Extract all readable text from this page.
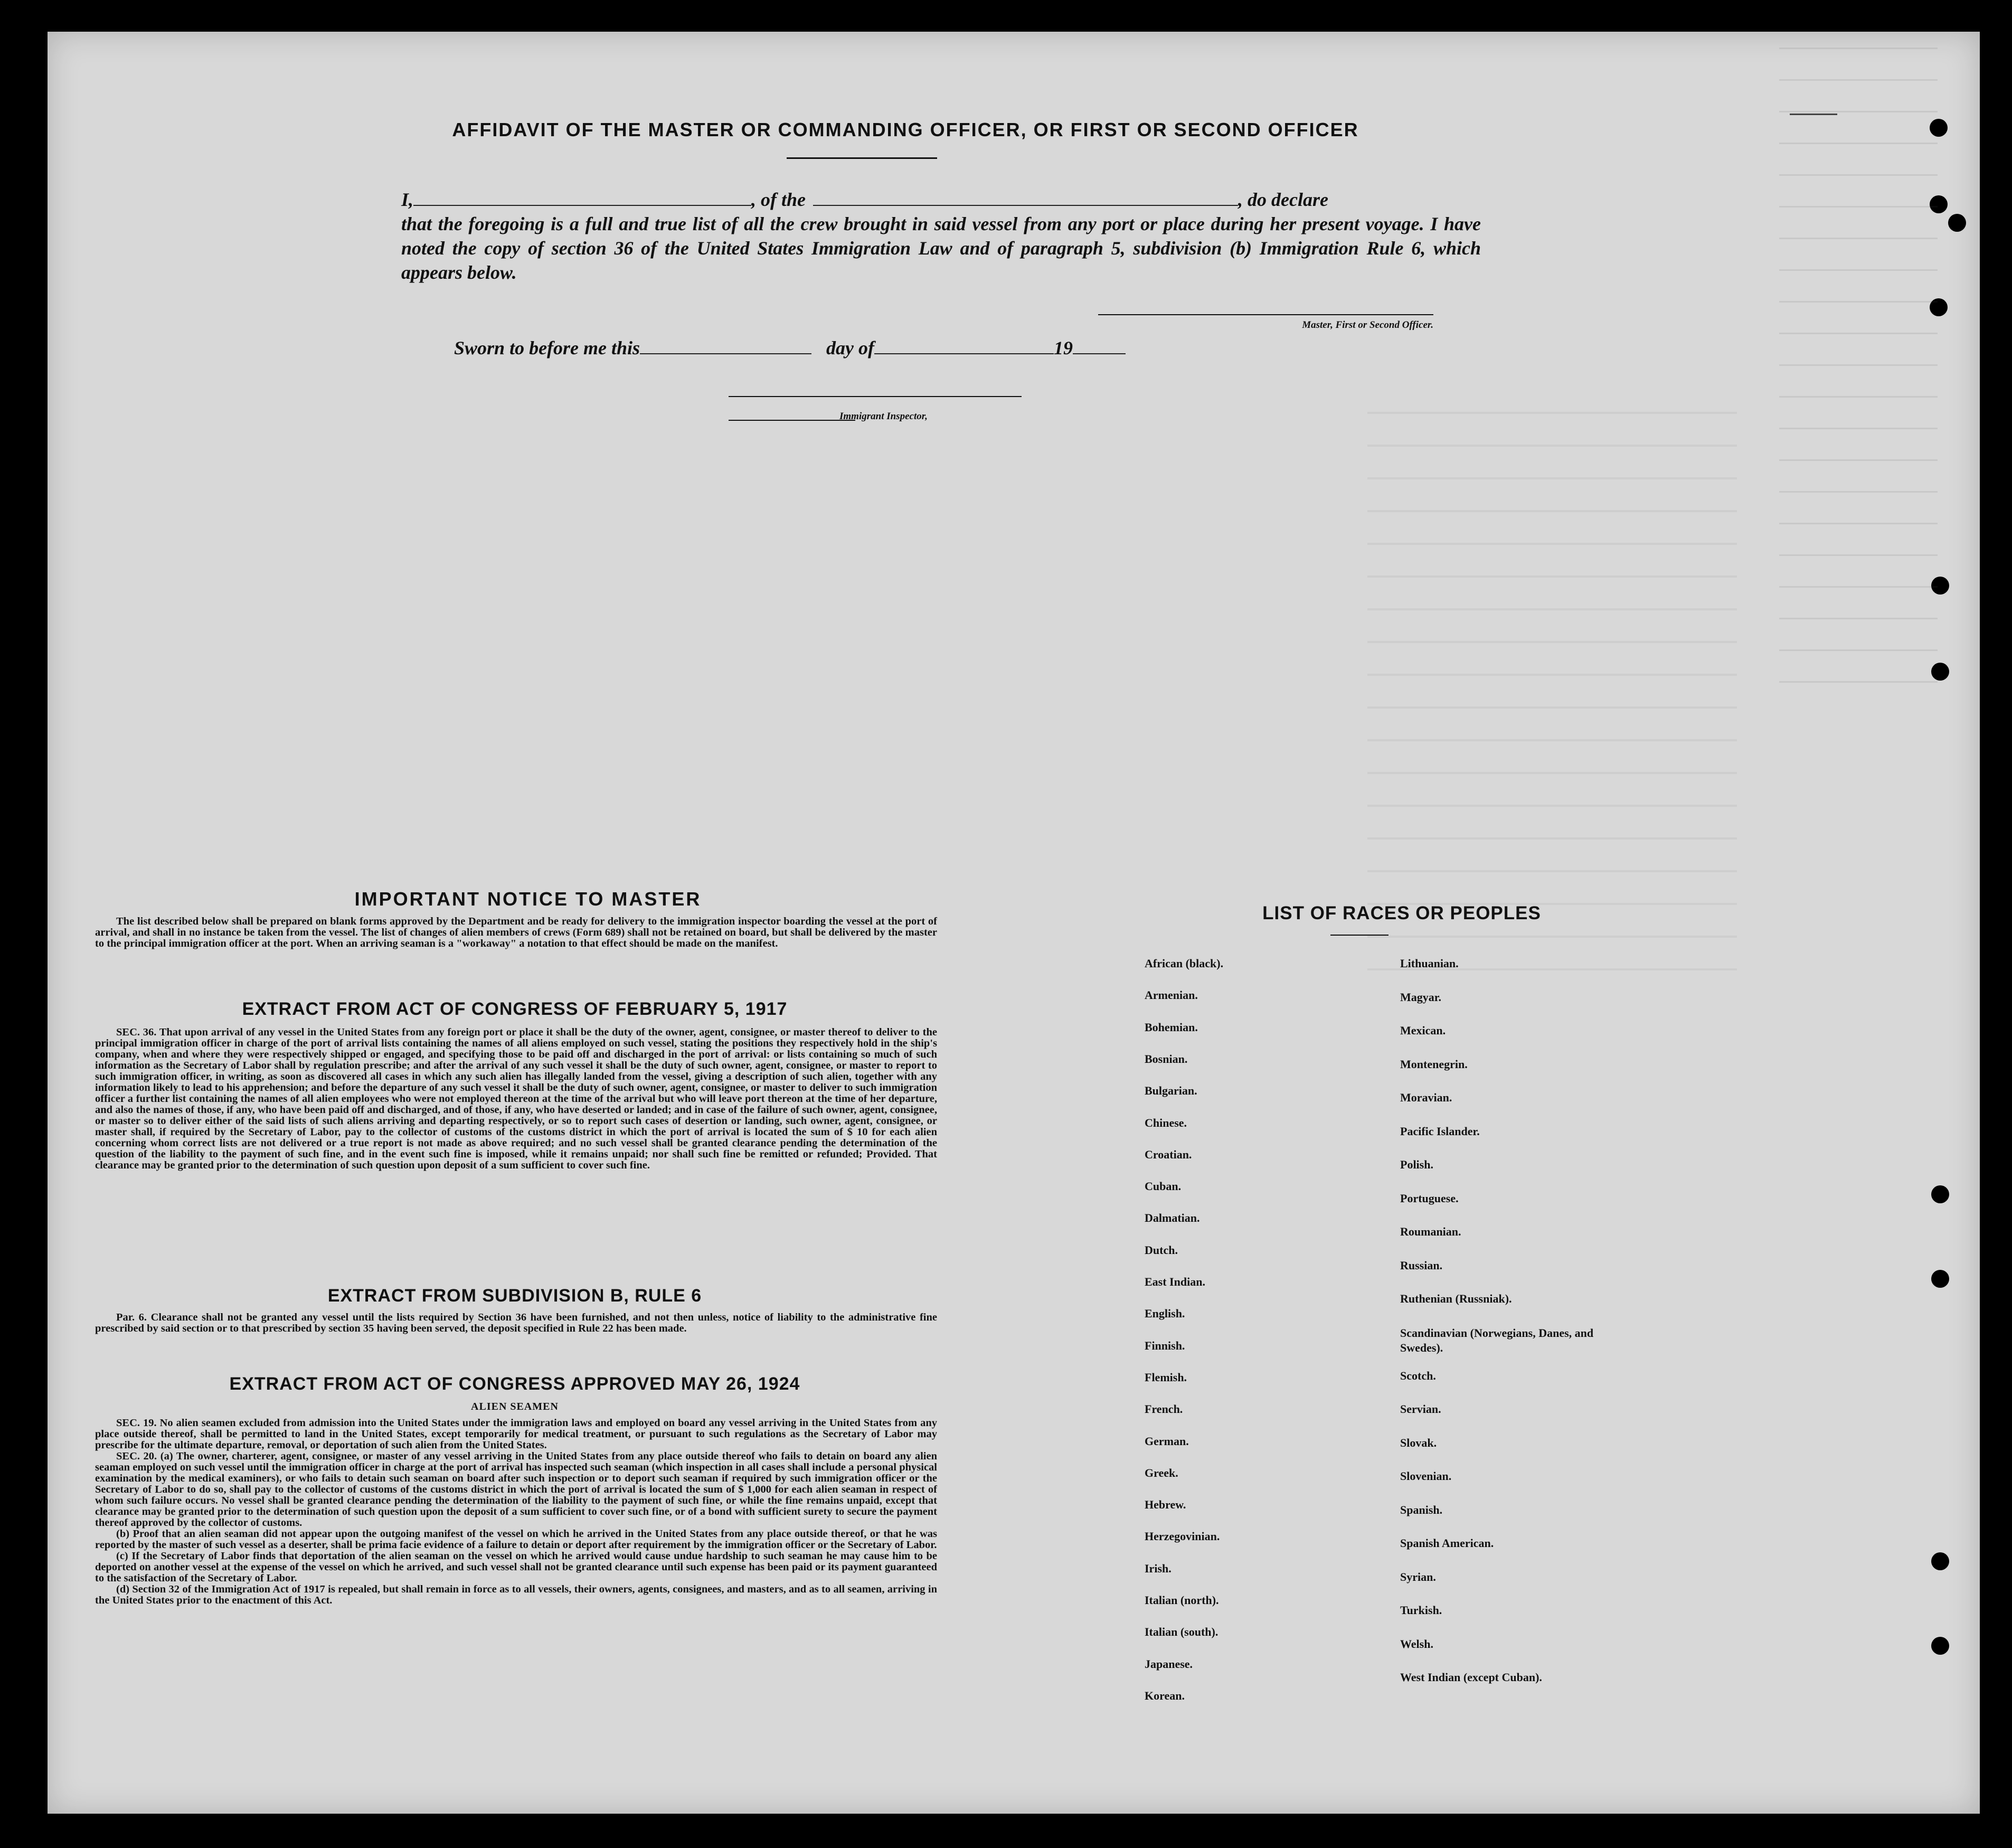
AFFIDAVIT OF THE MASTER OR COMMANDING OFFICER, OR FIRST OR SECOND OFFICER
I,	, of the	, do declare
that the foregoing is a full and true list of all the crew brought in said vessel from any port or place during her present voyage. I have noted the copy of section 36 of the United States Immigration Law and of paragraph 5, subdivision (b) Immigration Rule 6, which appears below.
Master, First or Second Officer.
Sworn to before me this	day of	19
Immigrant Inspector,
IMPORTANT NOTICE TO MASTER

The list described below shall be prepared on blank forms approved by the Department and be ready for delivery to the immigration inspector boarding the vessel at the port of arrival, and shall in no instance be taken from the vessel. The list of changes of alien members of crews (Form 689) shall not be retained on board, but shall be delivered by the master to the principal immigration officer at the port. When an arriving seaman is a "workaway" a notation to that effect should be made on the manifest.

EXTRACT FROM ACT OF CONGRESS OF FEBRUARY 5, 1917

SEC. 36. That upon arrival of any vessel in the United States from any foreign port or place it shall be the duty of the owner, agent, consignee, or master thereof to deliver to the principal immigration officer in charge of the port of arrival lists containing the names of all aliens employed on such vessel, stating the positions they respectively hold in the ship's company, when and where they were respectively shipped or engaged, and specifying those to be paid off and discharged in the port of arrival: or lists containing so much of such information as the Secretary of Labor shall by regulation prescribe; and after the arrival of any such vessel it shall be the duty of such owner, agent, consignee, or master to report to such immigration officer, in writing, as soon as discovered all cases in which any such alien has illegally landed from the vessel, giving a description of such alien, together with any information likely to lead to his apprehension; and before the departure of any such vessel it shall be the duty of such owner, agent, consignee, or master to deliver to such immigration officer a further list containing the names of all alien employees who were not employed thereon at the time of the arrival but who will leave port thereon at the time of her departure, and also the names of those, if any, who have been paid off and discharged, and of those, if any, who have deserted or landed; and in case of the failure of such owner, agent, consignee, or master so to deliver either of the said lists of such aliens arriving and departing respectively, or so to report such cases of desertion or landing, such owner, agent, consignee, or master shall, if required by the Secretary of Labor, pay to the collector of customs of the customs district in which the port of arrival is located the sum of $ 10 for each alien concerning whom correct lists are not delivered or a true report is not made as above required; and no such vessel shall be granted clearance pending the determination of the question of the liability to the payment of such fine, and in the event such fine is imposed, while it remains unpaid; nor shall such fine be remitted or refunded; Provided. That clearance may be granted prior to the determination of such question upon deposit of a sum sufficient to cover such fine.

EXTRACT FROM SUBDIVISION B, RULE 6

Par. 6. Clearance shall not be granted any vessel until the lists required by Section 36 have been furnished, and not then unless, notice of liability to the administrative fine prescribed by said section or to that prescribed by section 35 having been served, the deposit specified in Rule 22 has been made.

EXTRACT FROM ACT OF CONGRESS APPROVED MAY 26, 1924
ALIEN SEAMEN

SEC. 19. No alien seamen excluded from admission into the United States under the immigration laws and employed on board any vessel arriving in the United States from any place outside thereof, shall be permitted to land in the United States, except temporarily for medical treatment, or pursuant to such regulations as the Secretary of Labor may prescribe for the ultimate departure, removal, or deportation of such alien from the United States.

SEC. 20. (a) The owner, charterer, agent, consignee, or master of any vessel arriving in the United States from any place outside thereof who fails to detain on board any alien seaman employed on such vessel until the immigration officer in charge at the port of arrival has inspected such seaman (which inspection in all cases shall include a personal physical examination by the medical examiners), or who fails to detain such seaman on board after such inspection or to deport such seaman if required by such immigration officer or the Secretary of Labor to do so, shall pay to the collector of customs of the customs district in which the port of arrival is located the sum of $ 1,000 for each alien seaman in respect of whom such failure occurs. No vessel shall be granted clearance pending the determination of the liability to the payment of such fine, or while the fine remains unpaid, except that clearance may be granted prior to the determination of such question upon the deposit of a sum sufficient to cover such fine, or of a bond with sufficient surety to secure the payment thereof approved by the collector of customs.

(b) Proof that an alien seaman did not appear upon the outgoing manifest of the vessel on which he arrived in the United States from any place outside thereof, or that he was reported by the master of such vessel as a deserter, shall be prima facie evidence of a failure to detain or deport after requirement by the immigration officer or the Secretary of Labor.

(c) If the Secretary of Labor finds that deportation of the alien seaman on the vessel on which he arrived would cause undue hardship to such seaman he may cause him to be deported on another vessel at the expense of the vessel on which he arrived, and such vessel shall not be granted clearance until such expense has been paid or its payment guaranteed to the satisfaction of the Secretary of Labor.

(d) Section 32 of the Immigration Act of 1917 is repealed, but shall remain in force as to all vessels, their owners, agents, consignees, and masters, and as to all seamen, arriving in the United States prior to the enactment of this Act.

LIST OF RACES OR PEOPLES
African (black).
Armenian.
Bohemian.
Bosnian.
Bulgarian.
Chinese.
Croatian.
Cuban.
Dalmatian.
Dutch.
East Indian.
English.
Finnish.
Flemish.
French.
German.
Greek.
Hebrew.
Herzegovinian.
Irish.
Italian (north).
Italian (south).
Japanese.
Korean.
Lithuanian.
Magyar.
Mexican.
Montenegrin.
Moravian.
Pacific Islander.
Polish.
Portuguese.
Roumanian.
Russian.
Ruthenian (Russniak).
Scandinavian (Norwegians, Danes, and Swedes).
Scotch.
Servian.
Slovak.
Slovenian.
Spanish.
Spanish American.
Syrian.
Turkish.
Welsh.
West Indian (except Cuban).
